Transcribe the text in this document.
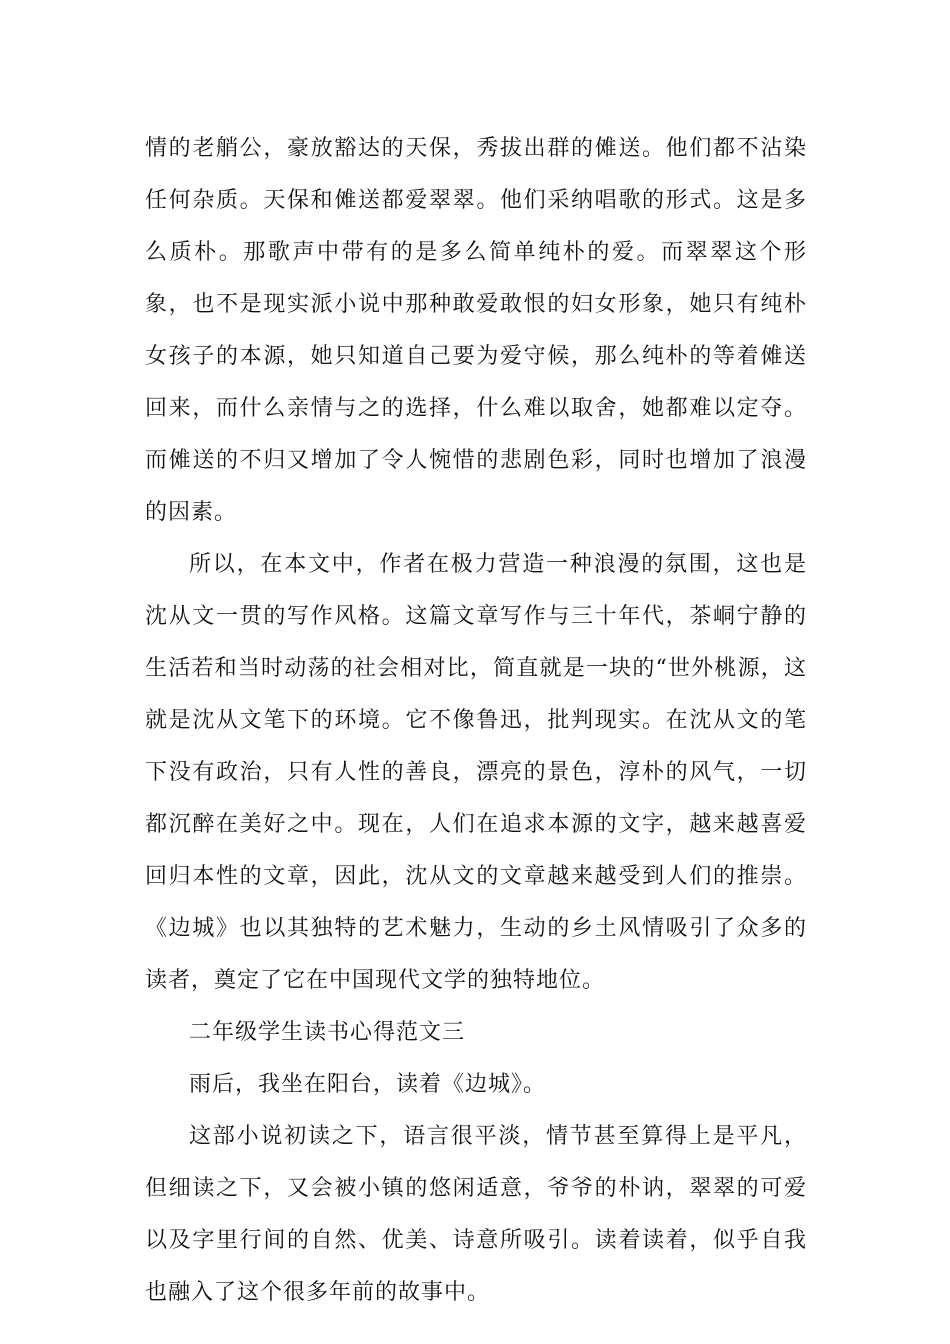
情的老艄公，豪放豁达的天保，秀拔出群的傩送。他们都不沾染任何杂质。天保和傩送都爱翠翠。他们采纳唱歌的形式。这是多么质朴。那歌声中带有的是多么简单纯朴的爱。而翠翠这个形象，也不是现实派小说中那种敢爱敢恨的妇女形象，她只有纯朴女孩子的本源，她只知道自己要为爱守候，那么纯朴的等着傩送回来，而什么亲情与之的选择，什么难以取舍，她都难以定夺。而傩送的不归又增加了令人惋惜的悲剧色彩，同时也增加了浪漫的因素。

所以，在本文中，作者在极力营造一种浪漫的氛围，这也是沈从文一贯的写作风格。这篇文章写作与三十年代，茶峒宁静的生活若和当时动荡的社会相对比，简直就是一块的“世外桃源，这就是沈从文笔下的环境。它不像鲁迅，批判现实。在沈从文的笔下没有政治，只有人性的善良，漂亮的景色，淳朴的风气，一切都沉醉在美好之中。现在，人们在追求本源的文字，越来越喜爱回归本性的文章，因此，沈从文的文章越来越受到人们的推崇。《边城》也以其独特的艺术魅力，生动的乡土风情吸引了众多的读者，奠定了它在中国现代文学的独特地位。

二年级学生读书心得范文三

雨后，我坐在阳台，读着《边城》。

这部小说初读之下，语言很平淡，情节甚至算得上是平凡，但细读之下，又会被小镇的悠闲适意，爷爷的朴讷，翠翠的可爱以及字里行间的自然、优美、诗意所吸引。读着读着，似乎自我也融入了这个很多年前的故事中。
